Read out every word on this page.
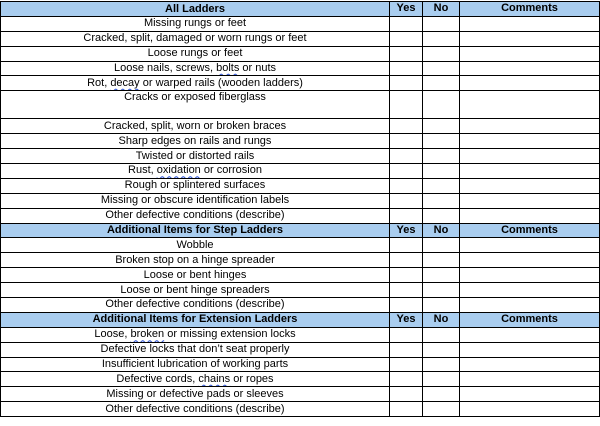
All Ladders	Yes	No	Comments
Missing rungs or feet			
Cracked, split, damaged or worn rungs or feet			
Loose rungs or feet			
Loose nails, screws, bolts or nuts			
Rot, decay or warped rails (wooden ladders)			
Cracks or exposed fiberglass			
Cracked, split, worn or broken braces			
Sharp edges on rails and rungs			
Twisted or distorted rails			
Rust, oxidation or corrosion			
Rough or splintered surfaces			
Missing or obscure identification labels			
Other defective conditions (describe)			
Additional Items for Step Ladders	Yes	No	Comments
Wobble			
Broken stop on a hinge spreader			
Loose or bent hinges			
Loose or bent hinge spreaders			
Other defective conditions (describe)			
Additional Items for Extension Ladders	Yes	No	Comments
Loose, broken or missing extension locks			
Defective locks that don’t seat properly			
Insufficient lubrication of working parts			
Defective cords, chains or ropes			
Missing or defective pads or sleeves			
Other defective conditions (describe)			
